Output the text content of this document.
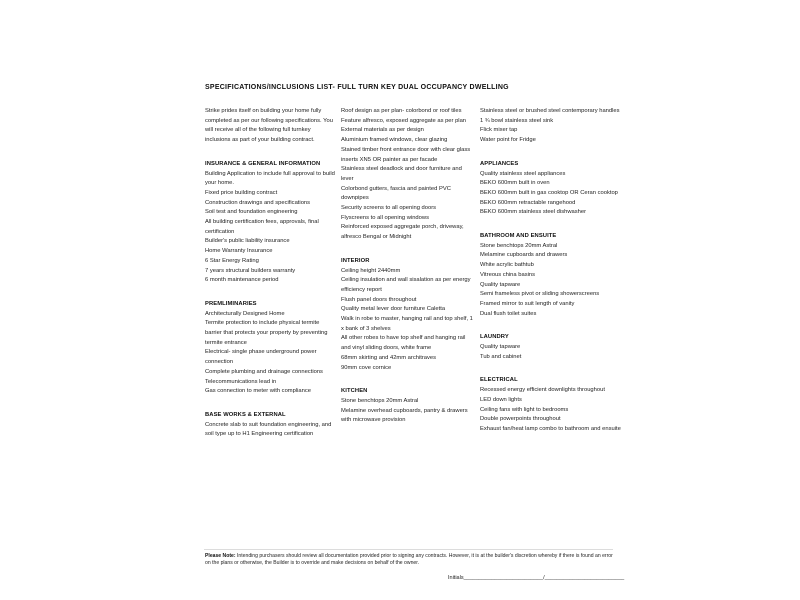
SPECIFICATIONS/INCLUSIONS LIST- FULL TURN KEY DUAL OCCUPANCY DWELLING

Strike prides itself on building your home fully completed as per our following specifications. You will receive all of the following full turnkey inclusions as part of your building contract.

INSURANCE & GENERAL INFORMATION

Building Application to include full approval to build your home.

Fixed price building contract

Construction drawings and specifications

Soil test and foundation engineering

All building certification fees, approvals, final certification

Builder's public liability insurance

Home Warranty Insurance

6 Star Energy Rating

7 years structural builders warranty

6 month maintenance period

PREMLIMINARIES

Architecturally Designed Home

Termite protection to include physical termite barrier that protects your property by preventing termite entrance

Electrical- single phase underground power connection

Complete plumbing and drainage connections

Telecommunications lead in

Gas connection to meter with compliance

BASE WORKS & EXTERNAL

Concrete slab to suit foundation engineering, and soil type up to H1 Engineering certification

Roof design as per plan- colorbond or roof tiles

Feature alfresco, exposed aggregate as per plan

External materials as per design

Aluminium framed windows, clear glazing

Stained timber front entrance door with clear glass inserts XN5 OR painter as per facade

Stainless steel deadlock and door furniture and lever

Colorbond gutters, fascia and painted PVC downpipes

Security screens to all opening doors

Flyscreens to all opening windows

Reinforced exposed aggregate porch, driveway, alfresco Bengal or Midnight

INTERIOR

Ceiling height 2440mm

Ceiling insulation and wall sisalation as per energy efficiency report

Flush panel doors throughout

Quality metal lever door furniture Caletta

Walk in robe to master, hanging rail and top shelf, 1 x bank of 3 shelves

All other robes to have top shelf and hanging rail and vinyl sliding doors, white frame

68mm skirting and 42mm architraves

90mm cove cornice

KITCHEN

Stone benchtops 20mm Astral

Melamine overhead cupboards, pantry & drawers with microwave provision

Stainless steel or brushed steel contemporary handles

1 ¾ bowl stainless steel sink

Flick mixer tap

Water point for Fridge

APPLIANCES

Quality stainless steel appliances

BEKO 600mm built in oven

BEKO 600mm built in gas cooktop OR Ceran cooktop

BEKO 600mm retractable rangehood

BEKO 600mm stainless steel dishwasher

BATHROOM AND ENSUITE

Stone benchtops 20mm Astral

Melamine cupboards and drawers

White acrylic bathtub

Vitreous china basins

Quality tapware

Semi frameless pivot or sliding showerscreens

Framed mirror to suit length of vanity

Dual flush toilet suites

LAUNDRY

Quality tapware

Tub and cabinet

ELECTRICAL

Recessed energy efficient downlights throughout

LED down lights

Ceiling fans with light to bedrooms

Double powerpoints throughout

Exhaust fan/heat lamp combo to bathroom and ensuite

Please Note: Intending purchasers should review all documentation provided prior to signing any contracts. However, it is at the builder's discretion whereby if there is found an error on the plans or otherwise, the Builder is to override and make decisions on behalf of the owner.
Initials__________________________/__________________________
